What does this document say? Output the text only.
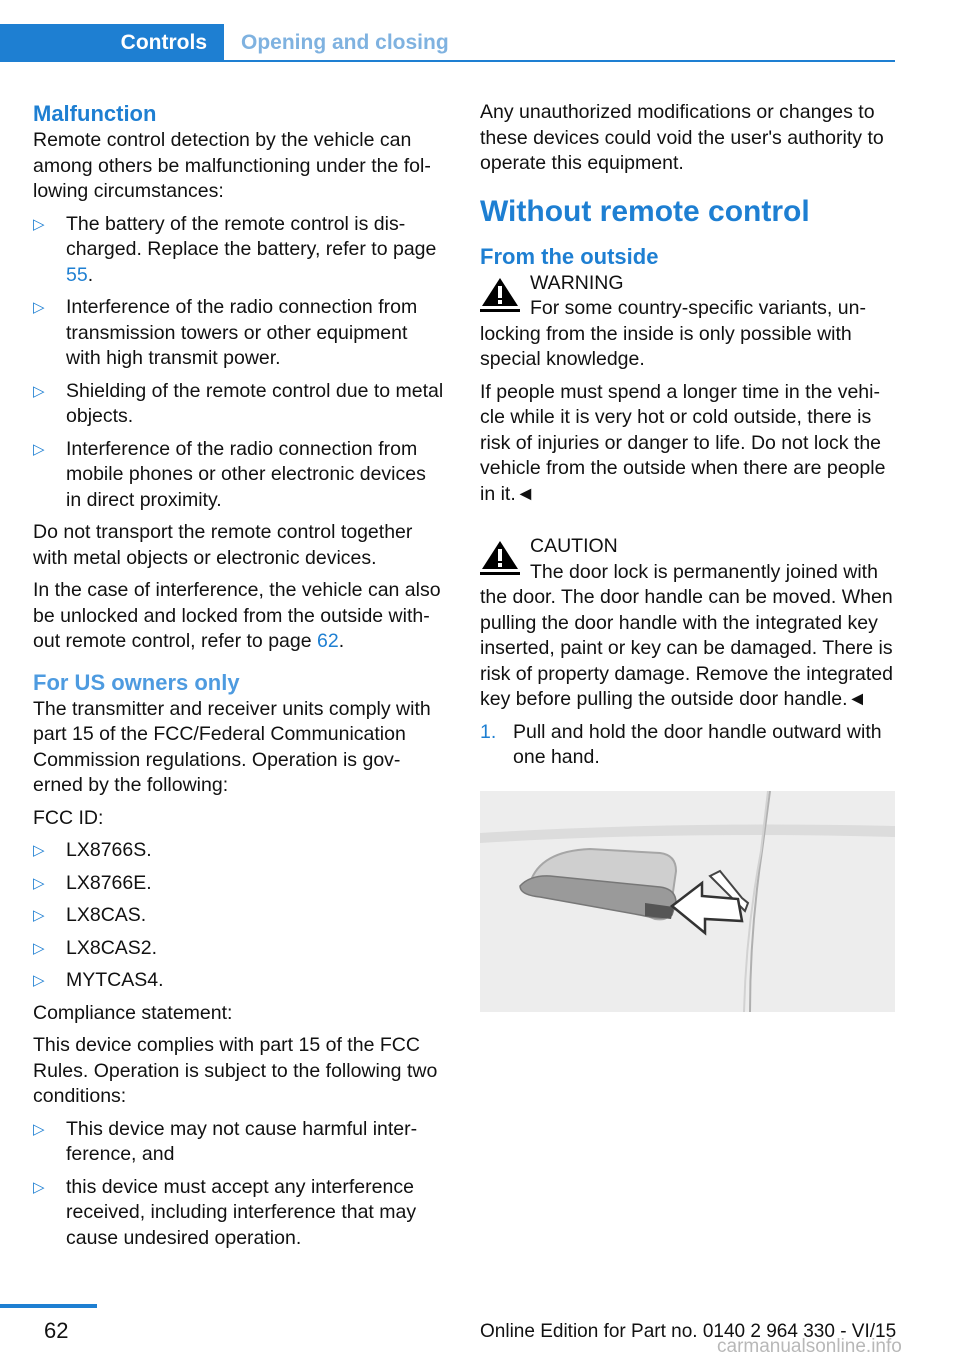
Controls Opening and closing
Malfunction

Remote control detection by the vehicle can among others be malfunctioning under the fol‐ lowing circumstances:

▷ The battery of the remote control is dis‐ charged. Replace the battery, refer to page 55.
▷ Interference of the radio connection from transmission towers or other equipment with high transmit power.
▷ Shielding of the remote control due to metal objects.
▷ Interference of the radio connection from mobile phones or other electronic devices in direct proximity.

Do not transport the remote control together with metal objects or electronic devices.

In the case of interference, the vehicle can also be unlocked and locked from the outside with‐ out remote control, refer to page 62.

For US owners only

The transmitter and receiver units comply with part 15 of the FCC/Federal Communication Commission regulations. Operation is gov‐ erned by the following:

FCC ID:

▷ LX8766S.
▷ LX8766E.
▷ LX8CAS.
▷ LX8CAS2.
▷ MYTCAS4.

Compliance statement:

This device complies with part 15 of the FCC Rules. Operation is subject to the following two conditions:

▷ This device may not cause harmful inter‐ ference, and
▷ this device must accept any interference received, including interference that may cause undesired operation.

Any unauthorized modifications or changes to these devices could void the user's authority to operate this equipment.

Without remote control
From the outside
WARNING

For some country-specific variants, un‐ locking from the inside is only possible with special knowledge.

If people must spend a longer time in the vehi‐ cle while it is very hot or cold outside, there is risk of injuries or danger to life. Do not lock the vehicle from the outside when there are people in it.◄

CAUTION

The door lock is permanently joined with the door. The door handle can be moved. When pulling the door handle with the integrated key inserted, paint or key can be damaged. There is risk of property damage. Remove the integrated key before pulling the outside door handle.◄

1. Pull and hold the door handle outward with one hand.
62	Online Edition for Part no. 0140 2 964 330 - VI/15
carmanualsonline.info
